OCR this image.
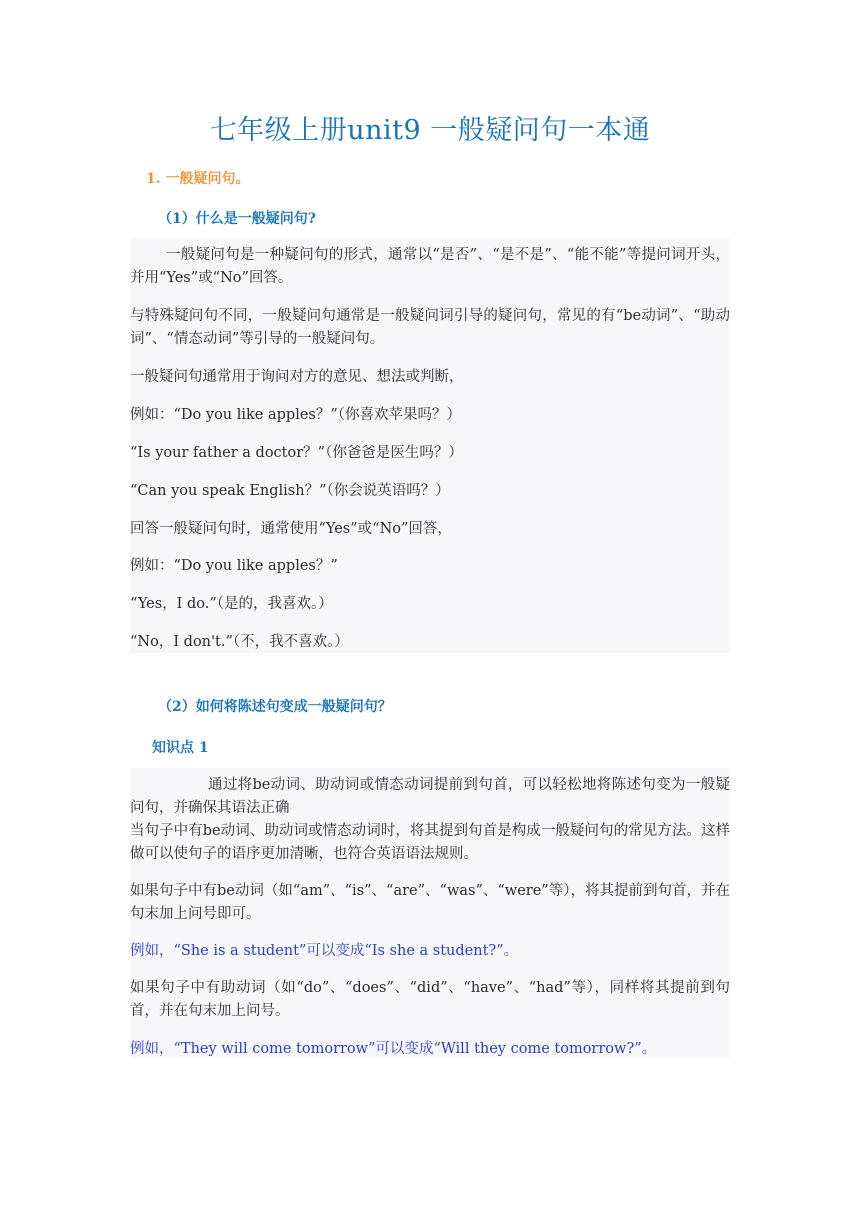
七年级上册unit9 一般疑问句一本通
1. 一般疑问句。
（1）什么是一般疑问句?
一般疑问句是一种疑问句的形式，通常以“是否”、“是不是”、“能不能”等提问词开头，并用“Yes”或“No”回答。
与特殊疑问句不同，一般疑问句通常是一般疑问词引导的疑问句，常见的有“be动词”、“助动词”、“情态动词”等引导的一般疑问句。
一般疑问句通常用于询问对方的意见、想法或判断，
例如：“Do you like apples？”（你喜欢苹果吗？）
“Is your father a doctor？”（你爸爸是医生吗？）
“Can you speak English？”（你会说英语吗？）
回答一般疑问句时，通常使用“Yes”或“No”回答，
例如：“Do you like apples？”
“Yes，I do.”（是的，我喜欢。）
“No，I don't.”（不，我不喜欢。）
（2）如何将陈述句变成一般疑问句？
知识点 1
通过将be动词、助动词或情态动词提前到句首，可以轻松地将陈述句变为一般疑问句，并确保其语法正确
当句子中有be动词、助动词或情态动词时，将其提到句首是构成一般疑问句的常见方法。这样做可以使句子的语序更加清晰，也符合英语语法规则。
如果句子中有be动词（如“am”、“is”、“are”、“was”、“were”等），将其提前到句首，并在句末加上问号即可。
例如，“She is a student”可以变成“Is she a student?”。
如果句子中有助动词（如“do”、“does”、“did”、“have”、“had”等），同样将其提前到句首，并在句末加上问号。
例如，“They will come tomorrow”可以变成“Will they come tomorrow?”。
